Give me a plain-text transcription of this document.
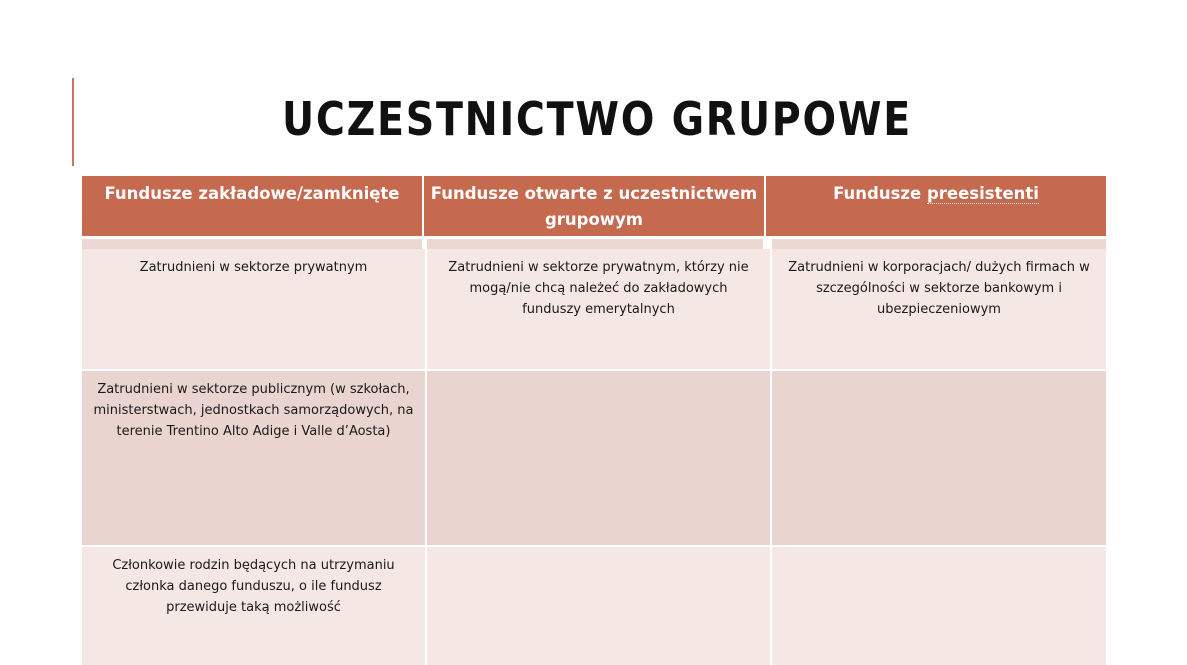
UCZESTNICTWO GRUPOWE
Fundusze zakładowe/zamknięte	Fundusze otwarte z uczestnictwem grupowym
Fundusze preesistenti
Zatrudnieni w sektorze prywatnym	Zatrudnieni w sektorze prywatnym, którzy nie mogą/nie chcą należeć do zakładowych funduszy emerytalnych
Zatrudnieni w korporacjach/ dużych firmach w szczególności w sektorze bankowym i ubezpieczeniowym
Zatrudnieni w sektorze publicznym (w szkołach, ministerstwach, jednostkach samorządowych, na terenie Trentino Alto Adige i Valle d’Aosta)
Członkowie rodzin będących na utrzymaniu członka danego funduszu, o ile fundusz przewiduje taką możliwość
